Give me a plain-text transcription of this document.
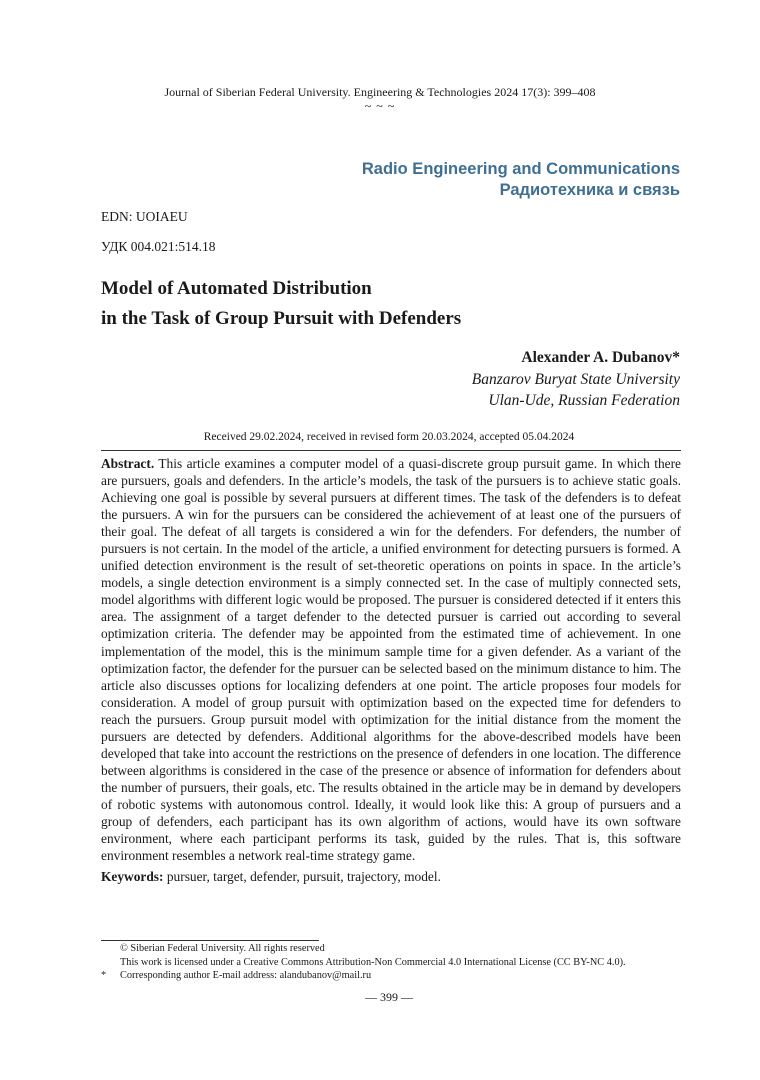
Journal of Siberian Federal University. Engineering & Technologies 2024 17(3): 399–408
~ ~ ~
Radio Engineering and Communications
Радиотехника и связь
EDN: UOIAEU
УДК 004.021:514.18
Model of Automated Distribution
in the Task of Group Pursuit with Defenders
Alexander A. Dubanov*
Banzarov Buryat State University
Ulan-Ude, Russian Federation
Received 29.02.2024, received in revised form 20.03.2024, accepted 05.04.2024
Abstract. This article examines a computer model of a quasi-discrete group pursuit game. In which there are pursuers, goals and defenders. In the article’s models, the task of the pursuers is to achieve static goals. Achieving one goal is possible by several pursuers at different times. The task of the defenders is to defeat the pursuers. A win for the pursuers can be considered the achievement of at least one of the pursuers of their goal. The defeat of all targets is considered a win for the defenders. For defenders, the number of pursuers is not certain. In the model of the article, a unified environment for detecting pursuers is formed. A unified detection environment is the result of set-theoretic operations on points in space. In the article’s models, a single detection environment is a simply connected set. In the case of multiply connected sets, model algorithms with different logic would be proposed. The pursuer is considered detected if it enters this area. The assignment of a target defender to the detected pursuer is carried out according to several optimization criteria. The defender may be appointed from the estimated time of achievement. In one implementation of the model, this is the minimum sample time for a given defender. As a variant of the optimization factor, the defender for the pursuer can be selected based on the minimum distance to him. The article also discusses options for localizing defenders at one point. The article proposes four models for consideration. A model of group pursuit with optimization based on the expected time for defenders to reach the pursuers. Group pursuit model with optimization for the initial distance from the moment the pursuers are detected by defenders. Additional algorithms for the above-described models have been developed that take into account the restrictions on the presence of defenders in one location. The difference between algorithms is considered in the case of the presence or absence of information for defenders about the number of pursuers, their goals, etc. The results obtained in the article may be in demand by developers of robotic systems with autonomous control. Ideally, it would look like this: A group of pursuers and a group of defenders, each participant has its own algorithm of actions, would have its own software environment, where each participant performs its task, guided by the rules. That is, this software environment resembles a network real-time strategy game.
Keywords: pursuer, target, defender, pursuit, trajectory, model.
© Siberian Federal University. All rights reserved
This work is licensed under a Creative Commons Attribution-Non Commercial 4.0 International License (CC BY-NC 4.0).
* Corresponding author E-mail address: alandubanov@mail.ru
— 399 —
